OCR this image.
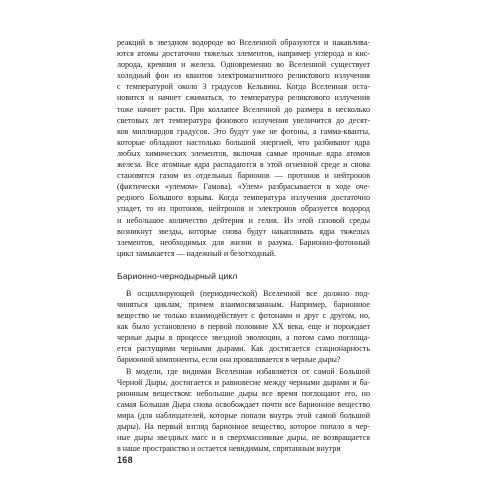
реакций в звездном водороде во Вселенной образуются и накаплива-
ются атомы достаточно тяжелых элементов, например углерода и кис-
лорода, кремния и железа. Одновременно во Вселенной существует
холодный фон из квантов электромагнитного реликтового излучения
с температурой около 3 градусов Кельвина. Когда Вселенная оста-
новится и начнет сжиматься, то температура реликтового излучения
тоже начнет расти. При коллапсе Вселенной до размера в несколько
световых лет температура фонового излучения увеличится до десят-
ков миллиардов градусов. Это будут уже не фотоны, а гамма-кванты,
которые обладают настолько большой энергией, что разбивают ядра
любых химических элементов, включая самые прочные ядра атомов
железа. Все атомные ядра распадаются в этой огненной среде и снова
становятся газом из отдельных барионов — протонов и нейтронов
(фактически «улемом» Гамова). «Улем» разбрасывается в ходе оче-
редного Большого взрыва. Когда температура излучения достаточно
упадет, то из протонов, нейтронов и электронов образуется водород
и небольшое количество дейтерия и гелия. Из этой газовой среды
возникнут звезды, которые снова будут накапливать ядра тяжелых
элементов, необходимых для жизни и разума. Барионно-фотонный
цикл замыкается — надежный и безотходный.
Барионно-чернодырный цикл
В осциллирующей (периодической) Вселенной все должно под-
чиняться циклам, причем взаимосвязанным. Например, барионное
вещество не только взаимодействует с фотонами и друг с другом, но,
как было установлено в первой половине XX века, еще и порождает
черные дыры в процессе звездной эволюции, а потом само поглоща-
ется растущими черными дырами. Как достигается стационарность
барионной компоненты, если она проваливается в черные дыры?
В модели, где видимая Вселенная избавляется от самой Большой
Черной Дыры, достигается и равновесие между черными дырами и ба-
рионным веществом: небольшие дыры все время поглощают его, но
самая Большая Дыра снова освобождает почти все барионное вещество
мира (для наблюдателей, которые попали внутрь этой самой большой
дыры). На первый взгляд барионное вещество, которое попало в чер-
ные дыры звездных масс и в сверхмассивные дыры, не возвращается
в наше пространство и остается невидимым, спрятанным внутри
168
